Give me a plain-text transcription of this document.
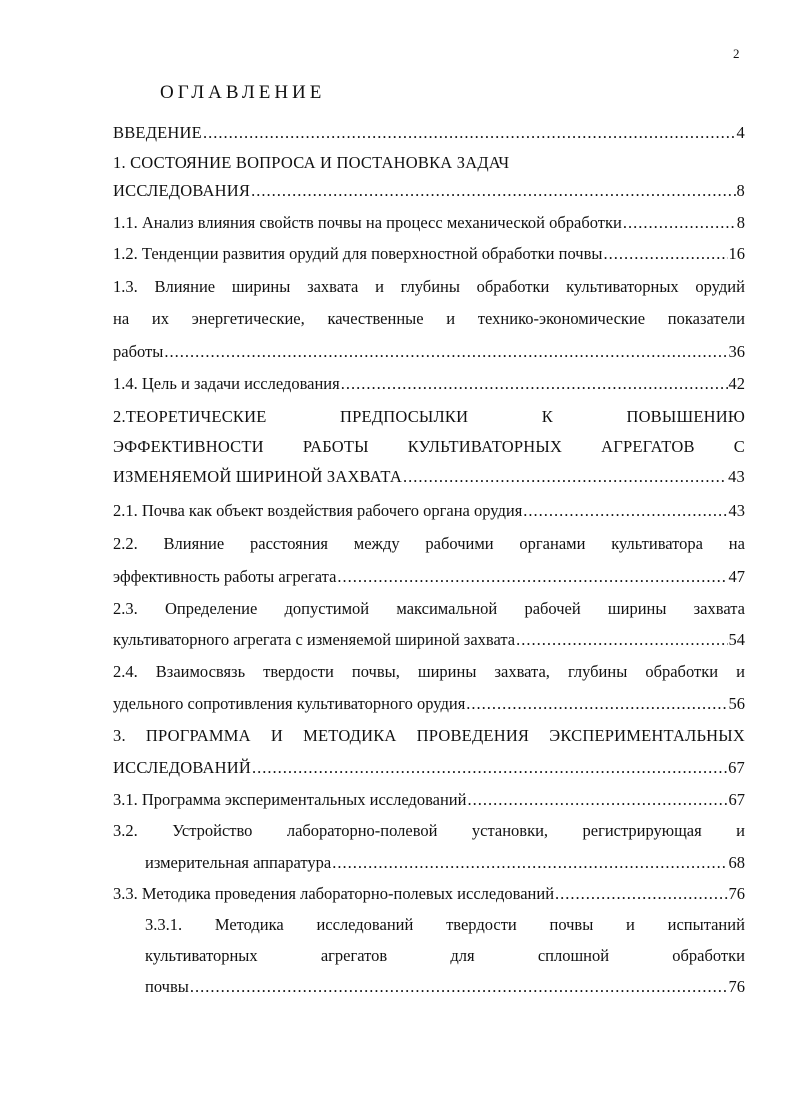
2
ОГЛАВЛЕНИЕ
ВВЕДЕНИЕ .....	4
1. СОСТОЯНИЕ ВОПРОСА И ПОСТАНОВКА ЗАДАЧ
ИССЛЕДОВАНИЯ .....	8
1.1. Анализ влияния свойств почвы на процесс механической обработки .....	8
1.2. Тенденции развития орудий для поверхностной обработки почвы .....	16
1.3. Влияние ширины захвата и глубины обработки культиваторных орудий
на их энергетические, качественные и технико-экономические показатели
работы .....	36
1.4. Цель и задачи исследования .....	42
2.ТЕОРЕТИЧЕСКИЕ	ПРЕДПОСЫЛКИ	К	ПОВЫШЕНИЮ
ЭФФЕКТИВНОСТИ РАБОТЫ КУЛЬТИВАТОРНЫХ АГРЕГАТОВ С
ИЗМЕНЯЕМОЙ ШИРИНОЙ ЗАХВАТА .....	43
2.1. Почва как объект воздействия рабочего органа орудия .....	43
2.2. Влияние расстояния между рабочими органами культиватора на
эффективность работы агрегата .....	47
2.3. Определение допустимой максимальной рабочей ширины захвата
культиваторного агрегата с изменяемой шириной захвата .....	54
2.4. Взаимосвязь твердости почвы, ширины захвата, глубины обработки и
удельного сопротивления культиваторного орудия .....	56
3. ПРОГРАММА И МЕТОДИКА ПРОВЕДЕНИЯ ЭКСПЕРИМЕНТАЛЬНЫХ
ИССЛЕДОВАНИЙ .....	67
3.1. Программа экспериментальных исследований .....	67
3.2. Устройство лабораторно-полевой установки, регистрирующая и
измерительная аппаратура .....	68
3.3. Методика проведения лабораторно-полевых исследований .....	76
3.3.1. Методика исследований твердости почвы и испытаний
культиваторных	агрегатов	для	сплошной	обработки
почвы .....	76
